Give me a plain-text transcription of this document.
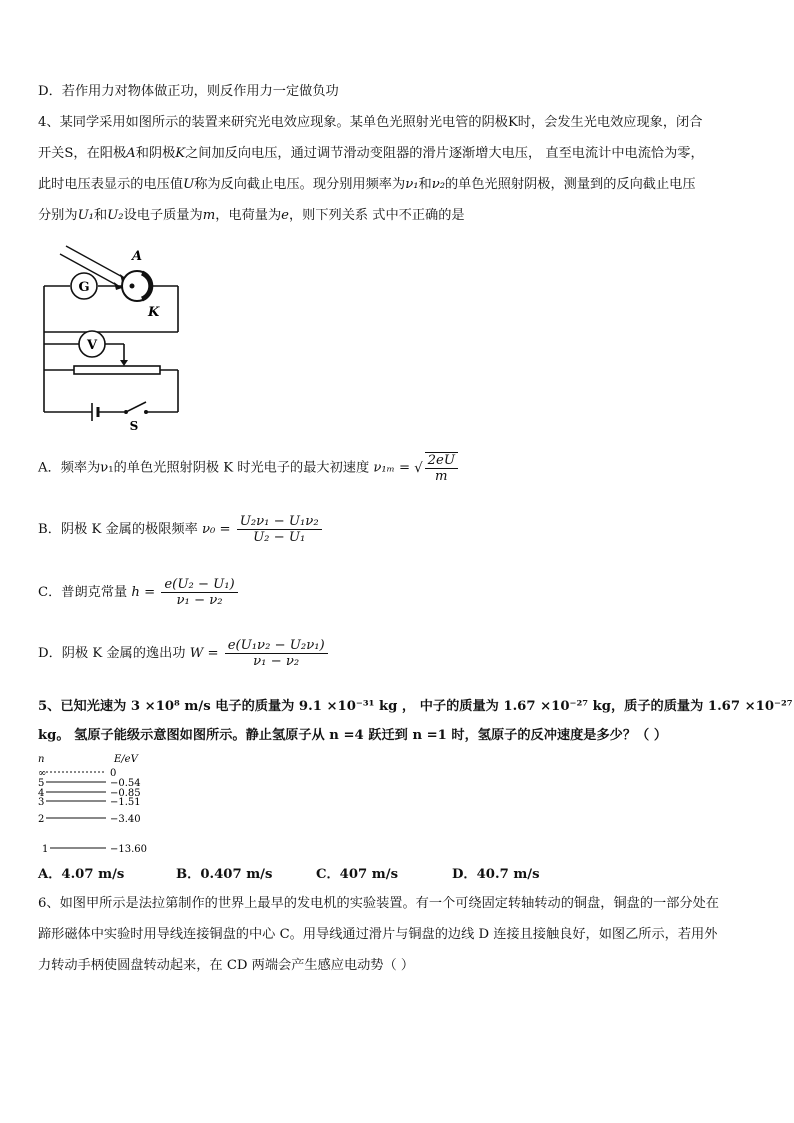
D．若作用力对物体做正功，则反作用力一定做负功
4、某同学采用如图所示的装置来研究光电效应现象。某单色光照射光电管的阴极K时，会发生光电效应现象，闭合
开关S，在阳极A和阴极K之间加反向电压，通过调节滑动变阻器的滑片逐渐增大电压， 直至电流计中电流恰为零，
此时电压表显示的电压值U称为反向截止电压。现分别用频率为ν₁和ν₂的单色光照射阴极，测量到的反向截止电压
分别为U₁和U₂设电子质量为m，电荷量为e，则下列关系 式中不正确的是
G
A
K
V
S
A．频率为ν₁的单色光照射阴极 K 时光电子的最大初速度 ν₁ₘ = √ $\frac{2eU}{m}$
B．阴极 K 金属的极限频率 $\nu_0 = \frac{\text{U₂ν₁ − U₁ν₂}}{\text{U₂ − U₁}}$
C．普朗克常量 $h = \frac{\text{e(U₂ − U₁)}}{\text{ν₁ − ν₂}}$
D．阴极 K 金属的逸出功 $W = \frac{\text{e(U₁ν₂ − U₂ν₁)}}{\text{ν₁ − ν₂}}$
5、已知光速为 3 ×10⁸ m/s 电子的质量为 9.1 ×10⁻³¹ kg ， 中子的质量为 1.67 ×10⁻²⁷ kg，质子的质量为 1.67 ×10⁻²⁷
kg。 氢原子能级示意图如图所示。静止氢原子从 n =4 跃迁到 n =1 时，氢原子的反冲速度是多少？（ ）
n	E/eV
∞	0
5	−0.54
4	−0.85
3	−1.51
2	−3.40
1	−13.60
A．4.07 m/s	B．0.407 m/s	C．407 m/s	D．40.7 m/s
6、如图甲所示是法拉第制作的世界上最早的发电机的实验装置。有一个可绕固定转轴转动的铜盘，铜盘的一部分处在
蹄形磁体中实验时用导线连接铜盘的中心 C。用导线通过滑片与铜盘的边线 D 连接且接触良好，如图乙所示，若用外
力转动手柄使圆盘转动起来，在 CD 两端会产生感应电动势（ ）
